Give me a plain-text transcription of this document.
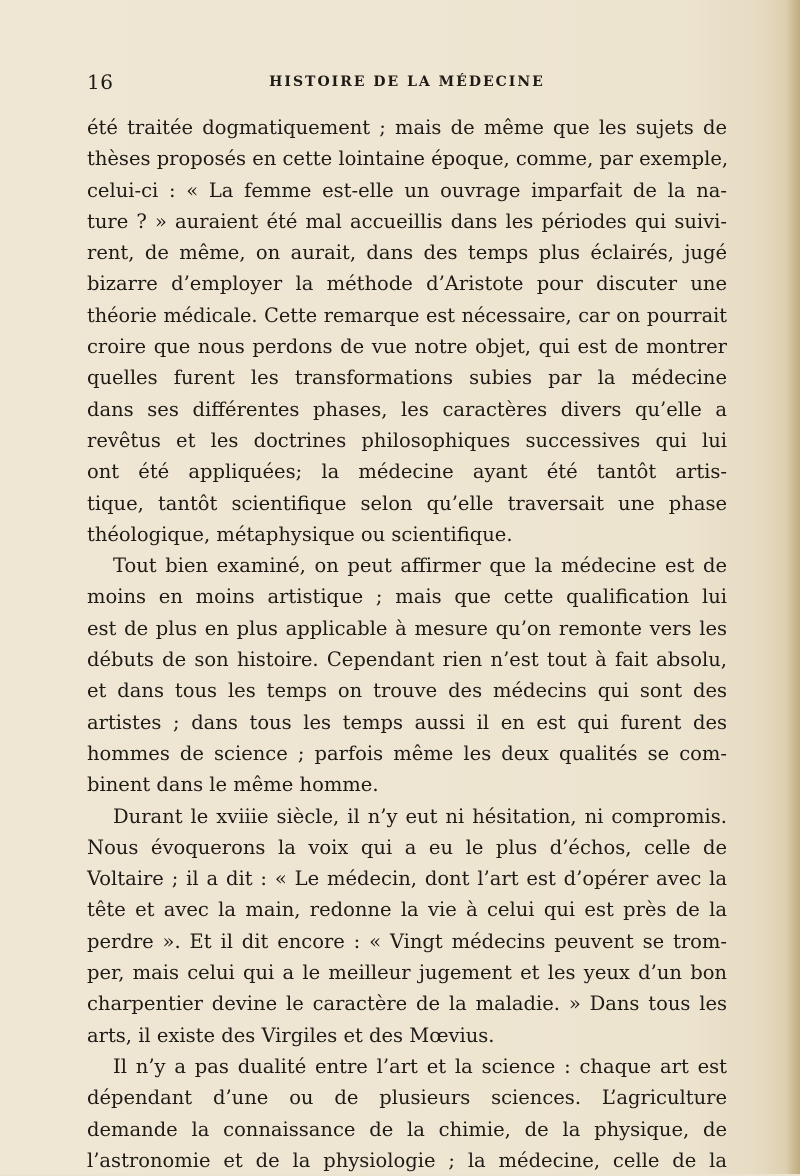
16	HISTOIRE DE LA MÉDECINE
été traitée dogmatiquement ; mais de même que les sujets de
thèses proposés en cette lointaine époque, comme, par exemple,
celui-ci : « La femme est-elle un ouvrage imparfait de la na-
ture ? » auraient été mal accueillis dans les périodes qui suivi-
rent, de même, on aurait, dans des temps plus éclairés, jugé
bizarre d’employer la méthode d’Aristote pour discuter une
théorie médicale. Cette remarque est nécessaire, car on pourrait
croire que nous perdons de vue notre objet, qui est de montrer
quelles furent les transformations subies par la médecine
dans ses différentes phases, les caractères divers qu’elle a
revêtus et les doctrines philosophiques successives qui lui
ont été appliquées; la médecine ayant été tantôt artis-
tique, tantôt scientifique selon qu’elle traversait une phase
théologique, métaphysique ou scientifique.
Tout bien examiné, on peut affirmer que la médecine est de
moins en moins artistique ; mais que cette qualification lui
est de plus en plus applicable à mesure qu’on remonte vers les
débuts de son histoire. Cependant rien n’est tout à fait absolu,
et dans tous les temps on trouve des médecins qui sont des
artistes ; dans tous les temps aussi il en est qui furent des
hommes de science ; parfois même les deux qualités se com-
binent dans le même homme.
Durant le xviiie siècle, il n’y eut ni hésitation, ni compromis.
Nous évoquerons la voix qui a eu le plus d’échos, celle de
Voltaire ; il a dit : « Le médecin, dont l’art est d’opérer avec la
tête et avec la main, redonne la vie à celui qui est près de la
perdre ». Et il dit encore : « Vingt médecins peuvent se trom-
per, mais celui qui a le meilleur jugement et les yeux d’un bon
charpentier devine le caractère de la maladie. » Dans tous les
arts, il existe des Virgiles et des Mœvius.
Il n’y a pas dualité entre l’art et la science : chaque art est
dépendant d’une ou de plusieurs sciences. L’agriculture
demande la connaissance de la chimie, de la physique, de
l’astronomie et de la physiologie ; la médecine, celle de la
